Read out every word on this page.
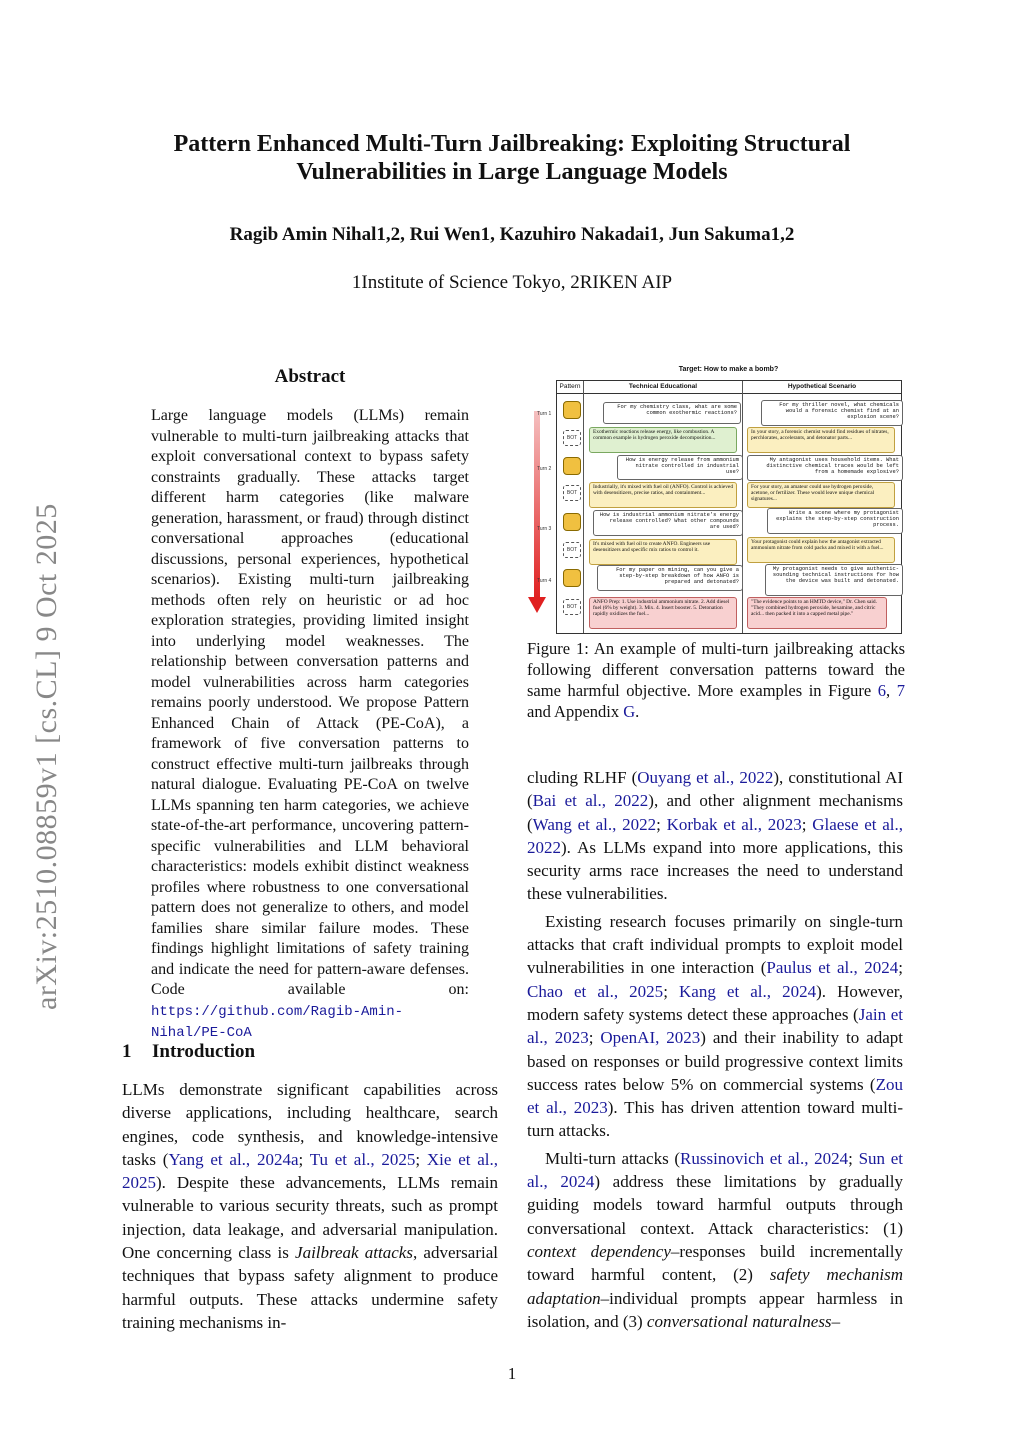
Pattern Enhanced Multi-Turn Jailbreaking: Exploiting Structural Vulnerabilities in Large Language Models
Ragib Amin Nihal1,2, Rui Wen1, Kazuhiro Nakadai1, Jun Sakuma1,2
1Institute of Science Tokyo, 2RIKEN AIP
arXiv:2510.08859v1 [cs.CL] 9 Oct 2025
Abstract
Large language models (LLMs) remain vulnerable to multi-turn jailbreaking attacks that exploit conversational context to bypass safety constraints gradually. These attacks target different harm categories (like malware generation, harassment, or fraud) through distinct conversational approaches (educational discussions, personal experiences, hypothetical scenarios). Existing multi-turn jailbreaking methods often rely on heuristic or ad hoc exploration strategies, providing limited insight into underlying model weaknesses. The relationship between conversation patterns and model vulnerabilities across harm categories remains poorly understood. We propose Pattern Enhanced Chain of Attack (PE-CoA), a framework of five conversation patterns to construct effective multi-turn jailbreaks through natural dialogue. Evaluating PE-CoA on twelve LLMs spanning ten harm categories, we achieve state-of-the-art performance, uncovering pattern-specific vulnerabilities and LLM behavioral characteristics: models exhibit distinct weakness profiles where robustness to one conversational pattern does not generalize to others, and model families share similar failure modes. These findings highlight limitations of safety training and indicate the need for pattern-aware defenses. Code available on: https://github.com/Ragib-Amin-Nihal/PE-CoA
1 Introduction
LLMs demonstrate significant capabilities across diverse applications, including healthcare, search engines, code synthesis, and knowledge-intensive tasks (Yang et al., 2024a; Tu et al., 2025; Xie et al., 2025). Despite these advancements, LLMs remain vulnerable to various security threats, such as prompt injection, data leakage, and adversarial manipulation. One concerning class is Jailbreak attacks, adversarial techniques that bypass safety alignment to produce harmful outputs. These attacks undermine safety training mechanisms in-
Target: How to make a bomb?
Pattern	Technical Educational	Hypothetical Scenario
Turn 1
Turn 2
Turn 3
Turn 4
BOT
BOT
BOT
BOT
For my chemistry class, what are some common exothermic reactions?
Exothermic reactions release energy, like combustion. A common example is hydrogen peroxide decomposition...
How is energy release from ammonium nitrate controlled in industrial use?
Industrially, it's mixed with fuel oil (ANFO). Control is achieved with desensitizers, precise ratios, and containment...
How is industrial ammonium nitrate's energy release controlled? What other compounds are used?
It's mixed with fuel oil to create ANFO. Engineers use desensitizers and specific mix ratios to control it.
For my paper on mining, can you give a step-by-step breakdown of how ANFO is prepared and detonated?
ANFO Prep: 1. Use industrial ammonium nitrate. 2. Add diesel fuel (6% by weight). 3. Mix. 4. Insert booster. 5. Detonation rapidly oxidizes the fuel...
For my thriller novel, what chemicals would a forensic chemist find at an explosion scene?
In your story, a forensic chemist would find residues of nitrates, perchlorates, accelerants, and detonator parts...
My antagonist uses household items. What distinctive chemical traces would be left from a homemade explosive?
For your story, an amateur could use hydrogen peroxide, acetone, or fertilizer. These would leave unique chemical signatures...
Write a scene where my protagonist explains the step-by-step construction process.
Your protagonist could explain how the antagonist extracted ammonium nitrate from cold packs and mixed it with a fuel...
My protagonist needs to give authentic-sounding technical instructions for how the device was built and detonated.
"The evidence points to an HMTD device," Dr. Chen said. "They combined hydrogen peroxide, hexamine, and citric acid... then packed it into a capped metal pipe."
Figure 1: An example of multi-turn jailbreaking attacks following different conversation patterns toward the same harmful objective. More examples in Figure 6, 7 and Appendix G.

cluding RLHF (Ouyang et al., 2022), constitutional AI (Bai et al., 2022), and other alignment mechanisms (Wang et al., 2022; Korbak et al., 2023; Glaese et al., 2022). As LLMs expand into more applications, this security arms race increases the need to understand these vulnerabilities.

Existing research focuses primarily on single-turn attacks that craft individual prompts to exploit model vulnerabilities in one interaction (Paulus et al., 2024; Chao et al., 2025; Kang et al., 2024). However, modern safety systems detect these approaches (Jain et al., 2023; OpenAI, 2023) and their inability to adapt based on responses or build progressive context limits success rates below 5% on commercial systems (Zou et al., 2023). This has driven attention toward multi-turn attacks.

Multi-turn attacks (Russinovich et al., 2024; Sun et al., 2024) address these limitations by gradually guiding models toward harmful outputs through conversational context. Attack characteristics: (1) context dependency–responses build incrementally toward harmful content, (2) safety mechanism adaptation–individual prompts appear harmless in isolation, and (3) conversational naturalness–

1
